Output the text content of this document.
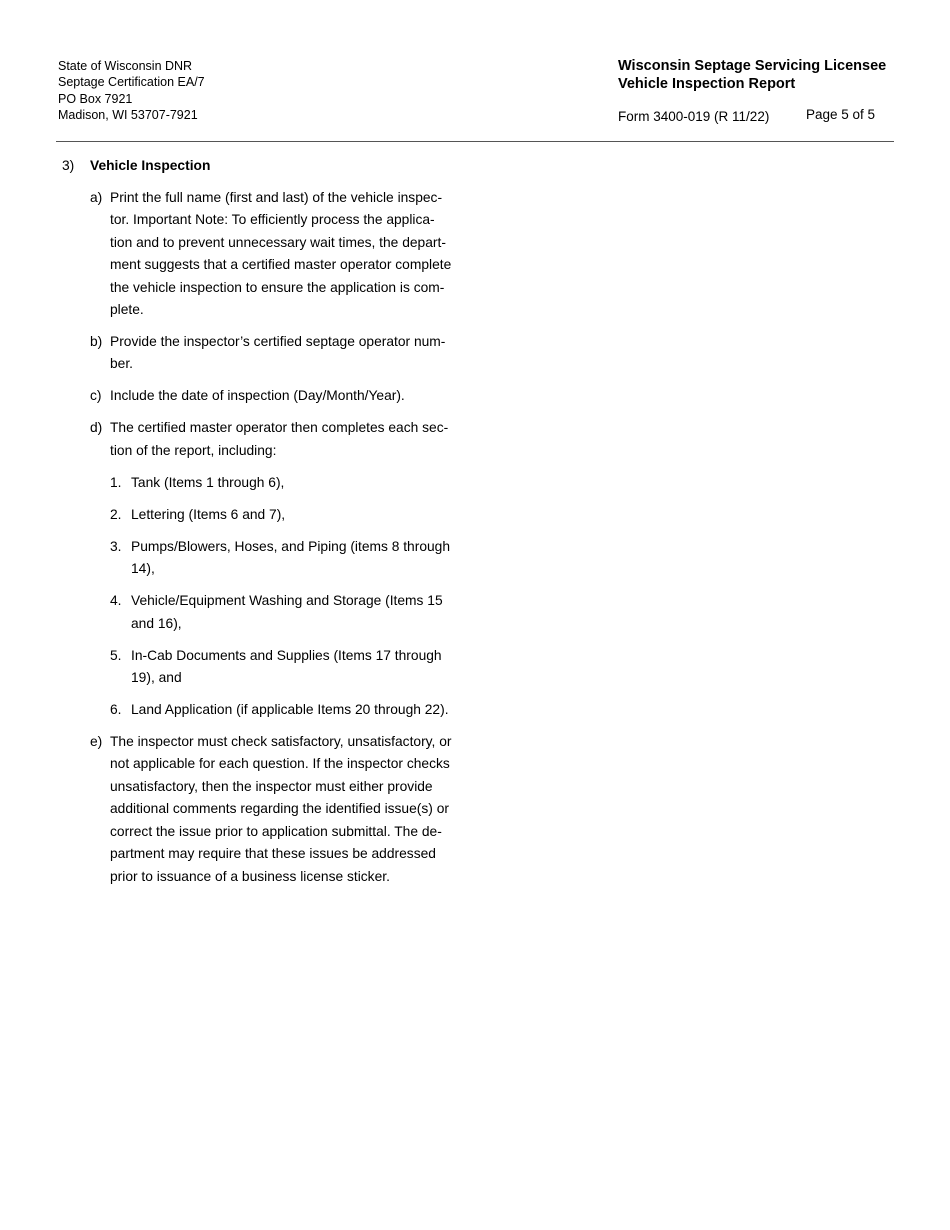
State of Wisconsin DNR
Septage Certification EA/7
PO Box 7921
Madison, WI 53707-7921
Wisconsin Septage Servicing Licensee
Vehicle Inspection Report
Form 3400-019 (R 11/22)	Page 5 of 5
3) Vehicle Inspection
a) Print the full name (first and last) of the vehicle inspec-
tor. Important Note: To efficiently process the applica-
tion and to prevent unnecessary wait times, the depart-
ment suggests that a certified master operator complete
the vehicle inspection to ensure the application is com-
plete.
b) Provide the inspector’s certified septage operator num-
ber.
c) Include the date of inspection (Day/Month/Year).
d) The certified master operator then completes each sec-
tion of the report, including:
1. Tank (Items 1 through 6),
2. Lettering (Items 6 and 7),
3. Pumps/Blowers, Hoses, and Piping (items 8 through
14),
4. Vehicle/Equipment Washing and Storage (Items 15
and 16),
5. In-Cab Documents and Supplies (Items 17 through
19), and
6. Land Application (if applicable Items 20 through 22).
e) The inspector must check satisfactory, unsatisfactory, or
not applicable for each question. If the inspector checks
unsatisfactory, then the inspector must either provide
additional comments regarding the identified issue(s) or
correct the issue prior to application submittal. The de-
partment may require that these issues be addressed
prior to issuance of a business license sticker.
